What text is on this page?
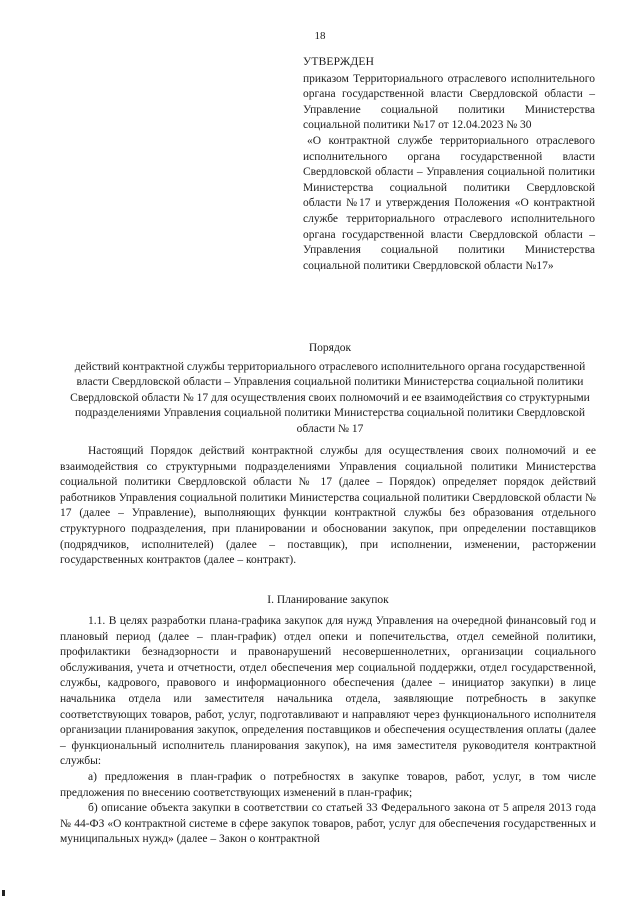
18
УТВЕРЖДЕН

приказом Территориального отраслевого исполнительного органа государственной власти Свердловской области – Управление социальной политики Министерства социальной политики №17 от 12.04.2023 № 30

«О контрактной службе территориального отраслевого исполнительного органа государственной власти Свердловской области – Управления социальной политики Министерства социальной политики Свердловской области №17 и утверждения Положения «О контрактной службе территориального отраслевого исполнительного органа государственной власти Свердловской области – Управления социальной политики Министерства социальной политики Свердловской области №17»

Порядок
действий контрактной службы территориального отраслевого исполнительного органа государственной власти Свердловской области – Управления социальной политики Министерства социальной политики Свердловской области № 17 для осуществления своих полномочий и ее взаимодействия со структурными подразделениями Управления социальной политики Министерства социальной политики Свердловской области № 17

Настоящий Порядок действий контрактной службы для осуществления своих полномочий и ее взаимодействия со структурными подразделениями Управления социальной политики Министерства социальной политики Свердловской области № 17 (далее – Порядок) определяет порядок действий работников Управления социальной политики Министерства социальной политики Свердловской области № 17 (далее – Управление), выполняющих функции контрактной службы без образования отдельного структурного подразделения, при планировании и обосновании закупок, при определении поставщиков (подрядчиков, исполнителей) (далее – поставщик), при исполнении, изменении, расторжении государственных контрактов (далее – контракт).

I. Планирование закупок

1.1. В целях разработки плана-графика закупок для нужд Управления на очередной финансовый год и плановый период (далее – план-график) отдел опеки и попечительства, отдел семейной политики, профилактики безнадзорности и правонарушений несовершеннолетних, организации социального обслуживания, учета и отчетности, отдел обеспечения мер социальной поддержки, отдел государственной, службы, кадрового, правового и информационного обеспечения (далее – инициатор закупки) в лице начальника отдела или заместителя начальника отдела, заявляющие потребность в закупке соответствующих товаров, работ, услуг, подготавливают и направляют через функционального исполнителя организации планирования закупок, определения поставщиков и обеспечения осуществления оплаты (далее – функциональный исполнитель планирования закупок), на имя заместителя руководителя контрактной службы:

а) предложения в план-график о потребностях в закупке товаров, работ, услуг, в том числе предложения по внесению соответствующих изменений в план-график;

б) описание объекта закупки в соответствии со статьей 33 Федерального закона от 5 апреля 2013 года № 44-ФЗ «О контрактной системе в сфере закупок товаров, работ, услуг для обеспечения государственных и муниципальных нужд» (далее – Закон о контрактной
